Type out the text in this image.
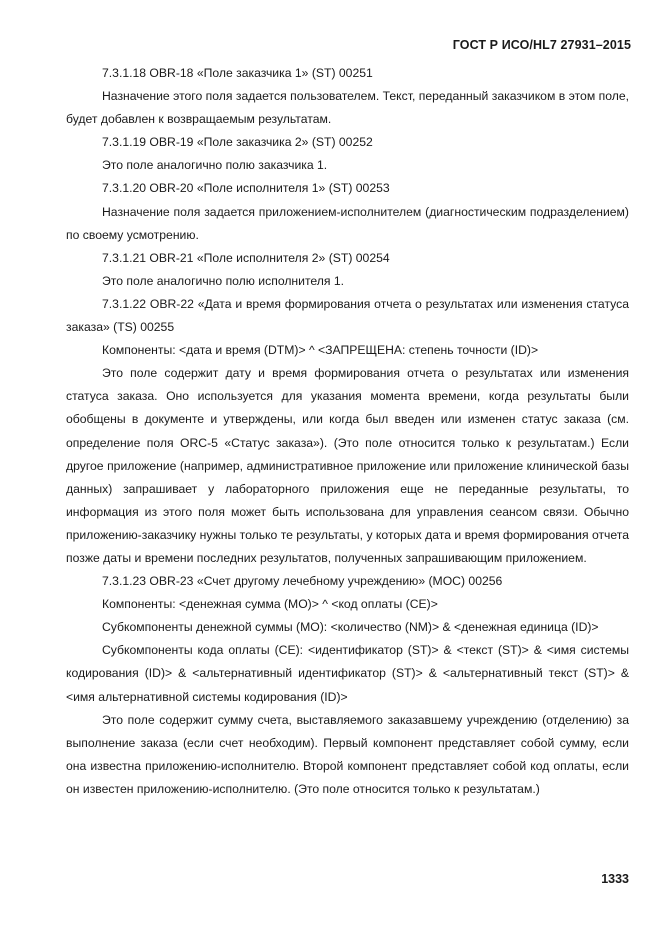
ГОСТ Р ИСО/HL7 27931–2015

7.3.1.18 OBR-18 «Поле заказчика 1» (ST) 00251

Назначение этого поля задается пользователем. Текст, переданный заказчиком в этом поле, будет добавлен к возвращаемым результатам.

7.3.1.19 OBR-19 «Поле заказчика 2» (ST) 00252

Это поле аналогично полю заказчика 1.

7.3.1.20 OBR-20 «Поле исполнителя 1» (ST) 00253

Назначение поля задается приложением-исполнителем (диагностическим подразделением) по своему усмотрению.

7.3.1.21 OBR-21 «Поле исполнителя 2» (ST) 00254

Это поле аналогично полю исполнителя 1.

7.3.1.22 OBR-22 «Дата и время формирования отчета о результатах или изменения статуса заказа» (TS) 00255

Компоненты: <дата и время (DTM)> ^ <ЗАПРЕЩЕНА: степень точности (ID)>

Это поле содержит дату и время формирования отчета о результатах или изменения статуса заказа. Оно используется для указания момента времени, когда результаты были обобщены в документе и утверждены, или когда был введен или изменен статус заказа (см. определение поля ORC-5 «Статус заказа»). (Это поле относится только к результатам.) Если другое приложение (например, административное приложение или приложение клинической базы данных) запрашивает у лабораторного приложения еще не переданные результаты, то информация из этого поля может быть использована для управления сеансом связи. Обычно приложению-заказчику нужны только те результаты, у которых дата и время формирования отчета позже даты и времени последних результатов, полученных запрашивающим приложением.

7.3.1.23 OBR-23 «Счет другому лечебному учреждению» (MOC) 00256

Компоненты: <денежная сумма (MO)> ^ <код оплаты (CE)>

Субкомпоненты денежной суммы (MO): <количество (NM)> & <денежная единица (ID)>

Субкомпоненты кода оплаты (CE): <идентификатор (ST)> & <текст (ST)> & <имя системы кодирования (ID)> & <альтернативный идентификатор (ST)> & <альтернативный текст (ST)> & <имя альтернативной системы кодирования (ID)>

Это поле содержит сумму счета, выставляемого заказавшему учреждению (отделению) за выполнение заказа (если счет необходим). Первый компонент представляет собой сумму, если она известна приложению-исполнителю. Второй компонент представляет собой код оплаты, если он известен приложению-исполнителю. (Это поле относится только к результатам.)

1333
